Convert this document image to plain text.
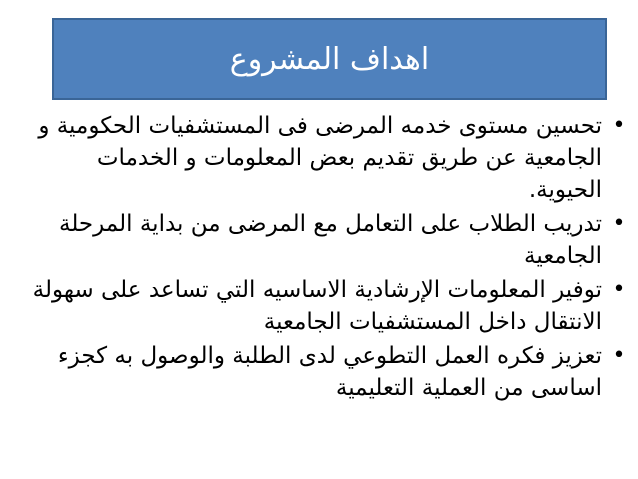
اهداف المشروع
•
تحسين مستوى خدمه المرضى فى المستشفيات الحكومية و
الجامعية عن طريق تقديم بعض المعلومات و الخدمات
الحيوية.
•
تدريب الطلاب على التعامل مع المرضى من بداية المرحلة
الجامعية
•
توفير المعلومات الإرشادية الاساسيه التي تساعد على سهولة
الانتقال داخل المستشفيات الجامعية
•
تعزيز فكره العمل التطوعي لدى الطلبة والوصول به كجزء
اساسى من العملية التعليمية
